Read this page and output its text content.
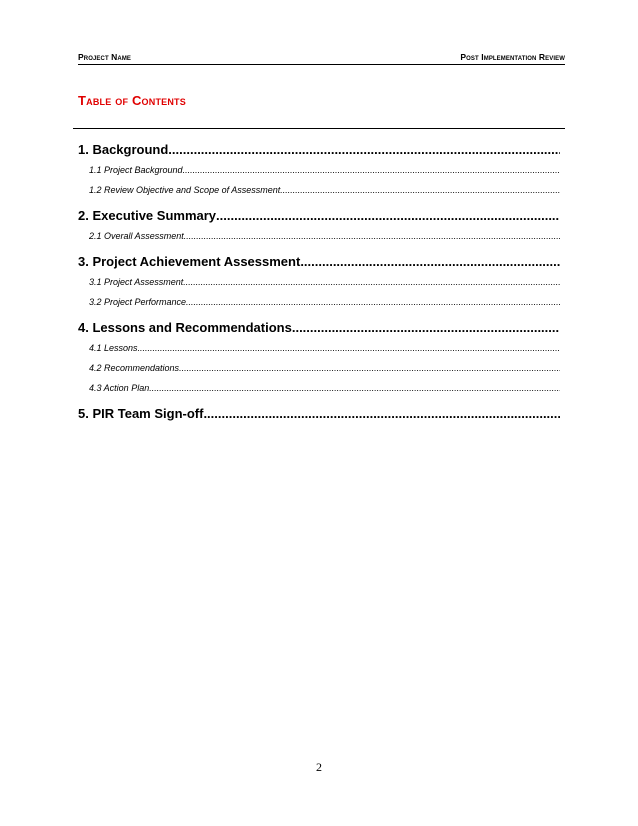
Project Name	Post Implementation Review
Table of Contents
1. Background
.....
1.1 Project Background
.....
1.2 Review Objective and Scope of Assessment
.....
2. Executive Summary
.....
2.1 Overall Assessment
.....
3. Project Achievement Assessment
.....
3.1 Project Assessment
.....
3.2 Project Performance
.....
4. Lessons and Recommendations
.....
4.1 Lessons
.....
4.2 Recommendations
.....
4.3 Action Plan
.....
5. PIR Team Sign-off
.....
2
